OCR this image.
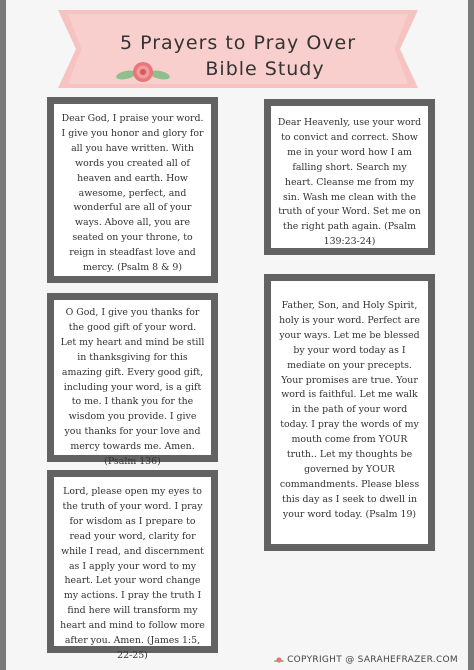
5 Prayers to Pray Over
Bible Study
Dear God, I praise your word. I give you honor and glory for all you have written. With words you created all of heaven and earth. How awesome, perfect, and wonderful are all of your ways. Above all, you are seated on your throne, to reign in steadfast love and mercy. (Psalm 8 & 9)
Dear Heavenly, use your word to convict and correct. Show me in your word how I am falling short. Search my heart. Cleanse me from my sin. Wash me clean with the truth of your Word. Set me on the right path again. (Psalm 139:23-24)
O God, I give you thanks for the good gift of your word. Let my heart and mind be still in thanksgiving for this amazing gift. Every good gift, including your word, is a gift to me. I thank you for the wisdom you provide. I give you thanks for your love and mercy towards me. Amen. (Psalm 136)
Father, Son, and Holy Spirit, holy is your word. Perfect are your ways. Let me be blessed by your word today as I mediate on your precepts. Your promises are true. Your word is faithful. Let me walk in the path of your word today. I pray the words of my mouth come from YOUR truth.. Let my thoughts be governed by YOUR commandments. Please bless this day as I seek to dwell in your word today. (Psalm 19)
Lord, please open my eyes to the truth of your word. I pray for wisdom as I prepare to read your word, clarity for while I read, and discernment as I apply your word to my heart. Let your word change my actions. I pray the truth I find here will transform my heart and mind to follow more after you. Amen. (James 1:5, 22-25)	COPYRIGHT @ SARAHEFRAZER.COM
